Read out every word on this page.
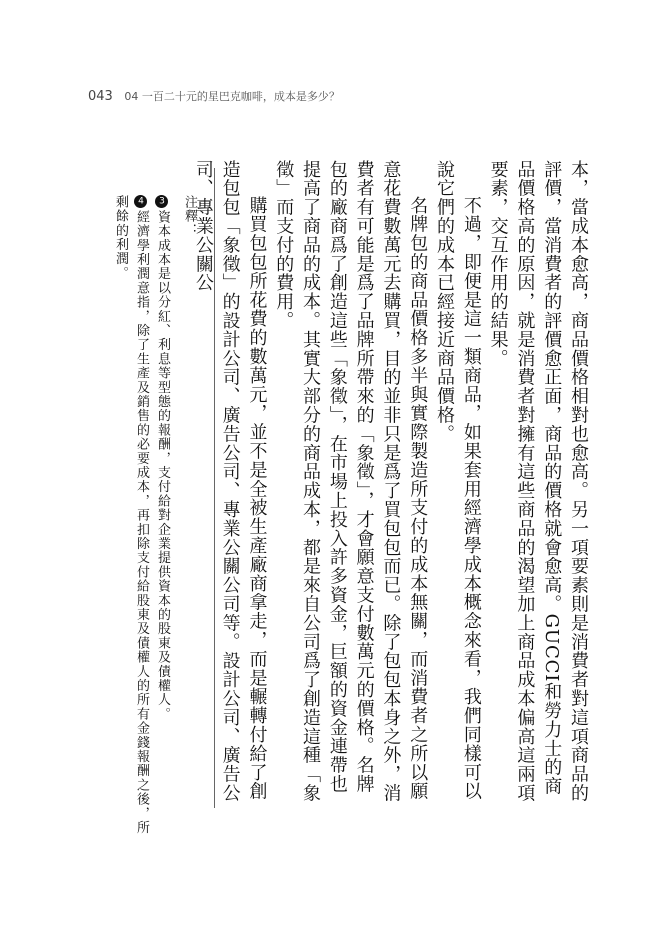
043 04 一百二十元的星巴克咖啡，成本是多少？

本，當成本愈高，商品價格相對也愈高。另一項要素則是消費者對這項商品的評價，當消費者的評價愈正面，商品的價格就會愈高。GUCCI和勞力士的商品價格高的原因，就是消費者對擁有這些商品的渴望加上商品成本偏高這兩項要素，交互作用的結果。

不過，即便是這一類商品，如果套用經濟學成本概念來看，我們同樣可以說它們的成本已經接近商品價格。

名牌包的商品價格多半與實際製造所支付的成本無關，而消費者之所以願意花費數萬元去購買，目的並非只是爲了買包包而已。除了包包本身之外，消費者有可能是爲了品牌所帶來的「象徵」，才會願意支付數萬元的價格。名牌包的廠商爲了創造這些「象徵」，在市場上投入許多資金，巨額的資金連帶也提高了商品的成本。其實大部分的商品成本，都是來自公司爲了創造這種「象徵」而支付的費用。

購買包包所花費的數萬元，並不是全被生產廠商拿走，而是輾轉付給了創造包包「象徵」的設計公司、廣告公司、專業公關公司等。設計公司、廣告公司、專業公關公

注釋：

3資本成本是以分紅、利息等型態的報酬，支付給對企業提供資本的股東及債權人。

4經濟學利潤意指，除了生產及銷售的必要成本，再扣除支付給股東及債權人的所有金錢報酬之後，所剩餘的利潤。
